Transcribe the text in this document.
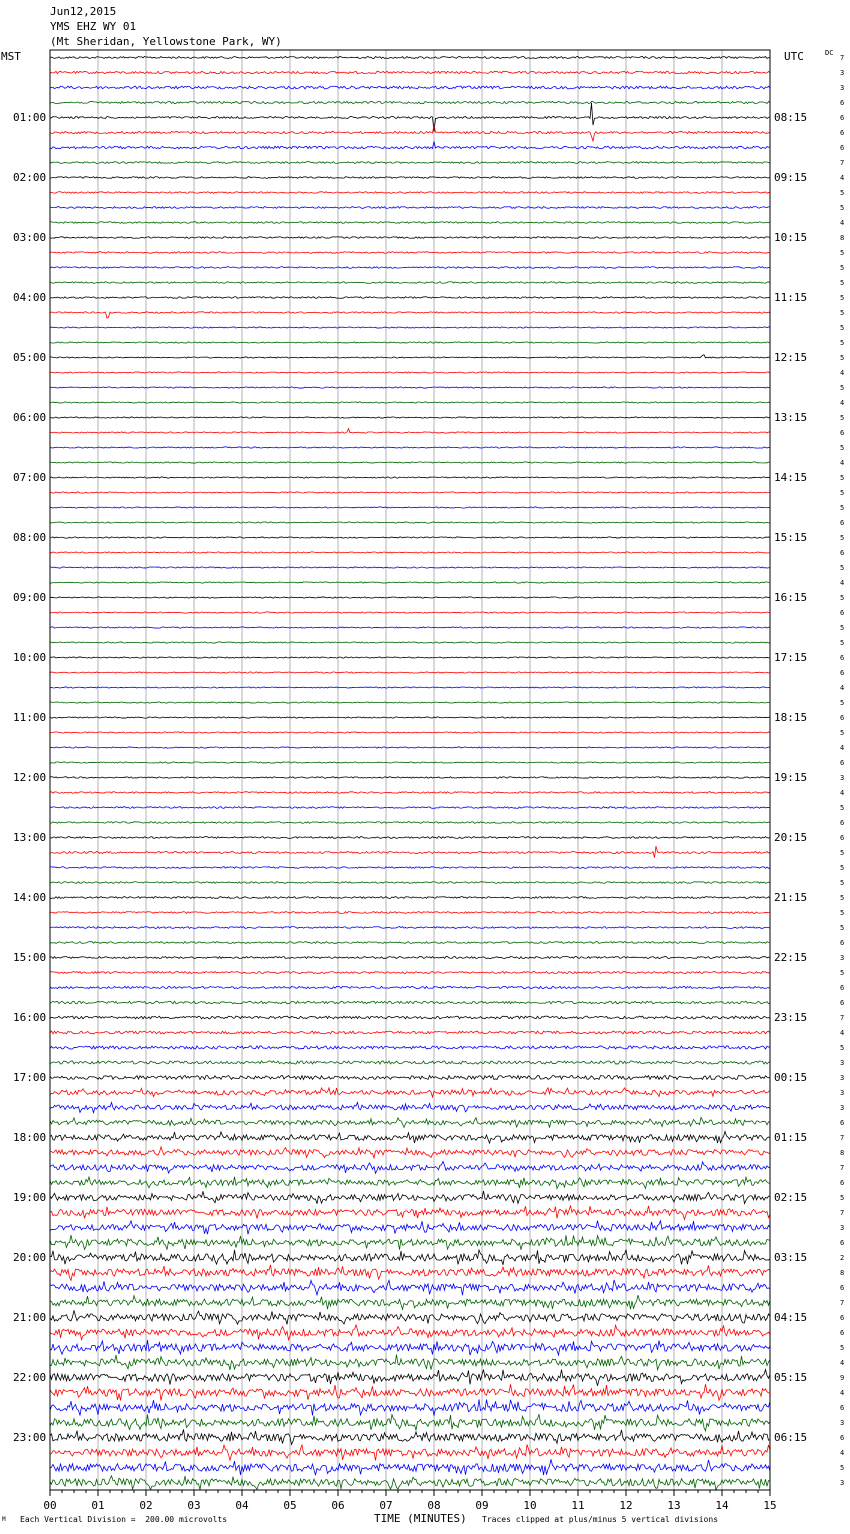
00	01	02	03	04	05	06	07	08	09	10	11	12	13	14	15
Jun12,2015
YMS EHZ WY 01
(Mt Sheridan, Yellowstone Park, WY)
MST	UTC	DC
01:00
02:00
03:00
04:00
05:00
06:00
07:00
08:00
09:00
10:00
11:00
12:00
13:00
14:00
15:00
16:00
17:00
18:00
19:00
20:00
21:00
22:00
23:00
08:15
09:15
10:15
11:15
12:15
13:15
14:15
15:15
16:15
17:15
18:15
19:15
20:15
21:15
22:15
23:15
00:15
01:15
02:15
03:15
04:15
05:15
06:15
7
3
3
6
6
6
6
7
4
5
5
4
8
5
5
5
5
5
5
5
5
4
5
4
5
6
5
4
5
5
5
6
5
6
5
4
5
6
5
5
6
6
4
5
6
5
4
6
3
4
5
6
6
5
5
5
5
5
5
6
3
5
6
6
7
4
5
3
3
3
3
6
7
8
7
6
5
7
3
6
2
8
6
7
6
6
5
4
9
4
6
3
6
4
5
3
M Each Vertical Division =  200.00 microvolts	TIME (MINUTES) Traces clipped at plus/minus 5 vertical divisions
